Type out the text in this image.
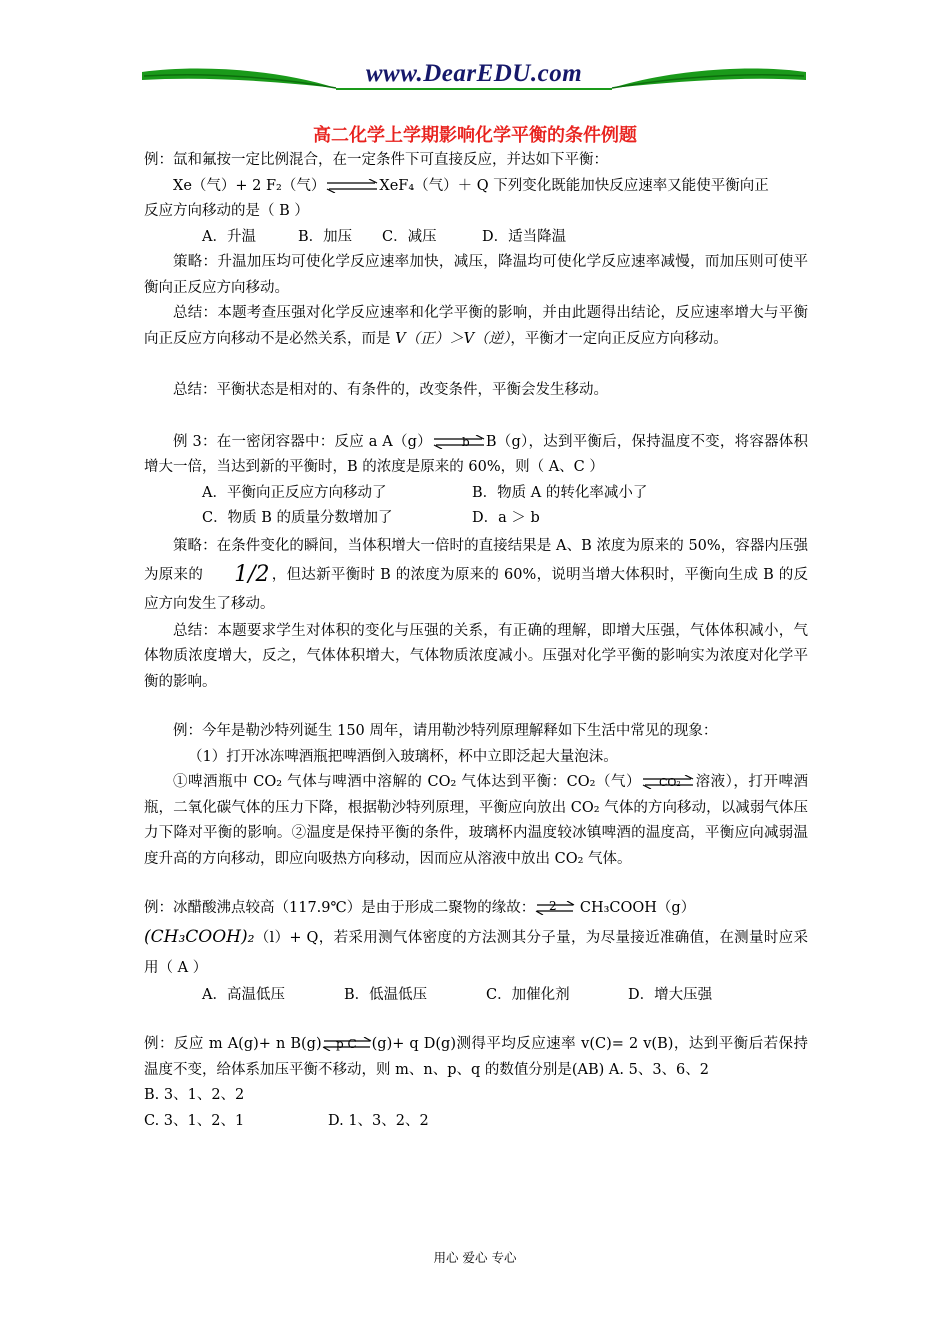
www.DearEDU.com
高二化学上学期影响化学平衡的条件例题

例：氙和氟按一定比例混合，在一定条件下可直接反应，并达如下平衡：

Xe（气）+ 2 F₂（气）⇌XeF₄（气）＋ Q 下列变化既能加快反应速率又能使平衡向正

反应方向移动的是（ B ）

A．升温	B．加压 C．减压	D．适当降温

策略：升温加压均可使化学反应速率加快，减压，降温均可使化学反应速率减慢，而加压则可使平衡向正反应方向移动。

总结：本题考查压强对化学反应速率和化学平衡的影响，并由此题得出结论，反应速率增大与平衡向正反应方向移动不是必然关系，而是 V（正）＞V（逆），平衡才一定向正反应方向移动。

总结：平衡状态是相对的、有条件的，改变条件，平衡会发生移动。

例 3：在一密闭容器中：反应 a A（g）	b B（g），达到平衡后，保持温度不变，将容器体积增大一倍，当达到新的平衡时，B 的浓度是原来的 60%，则（ A、C ）

A．平衡向正反应方向移动了	B．物质 A 的转化率减小了

C．物质 B 的质量分数增加了	D．a ＞ b

策略：在条件变化的瞬间，当体积增大一倍时的直接结果是 A、B 浓度为原来的 50%，容器内压强为原来的 1/2 ，但达新平衡时 B 的浓度为原来的 60%，说明当增大体积时，平衡向生成 B 的反应方向发生了移动。

总结：本题要求学生对体积的变化与压强的关系，有正确的理解，即增大压强，气体体积减小，气体物质浓度增大，反之，气体体积增大，气体物质浓度减小。压强对化学平衡的影响实为浓度对化学平衡的影响。

例：今年是勒沙特列诞生 150 周年，请用勒沙特列原理解释如下生活中常见的现象：

（1）打开冰冻啤酒瓶把啤酒倒入玻璃杯，杯中立即泛起大量泡沫。

①啤酒瓶中 CO₂ 气体与啤酒中溶解的 CO₂ 气体达到平衡：CO₂（气） CO₂ 溶液），打开啤酒瓶，二氧化碳气体的压力下降，根据勒沙特列原理，平衡应向放出 CO₂ 气体的方向移动，以减弱气体压力下降对平衡的影响。②温度是保持平衡的条件，玻璃杯内温度较冰镇啤酒的温度高，平衡应向减弱温度升高的方向移动，即应向吸热方向移动，因而应从溶液中放出 CO₂ 气体。

例：冰醋酸沸点较高（117.9℃）是由于形成二聚物的缘故： 2 CH₃COOH（g）

(CH₃COOH)₂（l）+ Q，若采用测气体密度的方法测其分子量，为尽量接近准确值，在测量时应采用（ A ）

A．高温低压	B．低温低压	C．加催化剂	D．增大压强

例：反应 m A(g)+ n B(g) p C (g)+ q D(g)测得平均反应速率 v(C)= 2 v(B)，达到平衡后若保持温度不变，给体系加压平衡不移动，则 m、n、p、q 的数值分别是(AB) A. 5、3、6、2

B. 3、1、2、2

C. 3、1、2、1	D. 1、3、2、2

用心 爱心 专心
